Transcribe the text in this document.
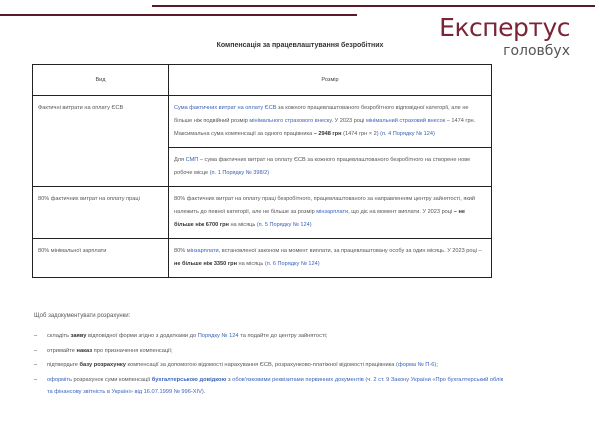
Експертус
головбух
Компенсація за працевлаштування безробітних
Вид	Розмір
Фактичні витрати на оплату ЄСВ	Сума фактичних витрат на оплату ЄСВ за кожного працевлаштованого безробітного відповідної категорії, але не більше ніж подвійний розмір мінімального страхового внеску. У 2023 році мінімальний страховий внесок – 1474 грн. Максимальна сума компенсації за одного працівника – 2948 грн (1474 грн × 2) (п. 4 Порядку № 124)
	Для СМП – сума фактичних витрат на оплату ЄСВ за кожного працевлаштованого безробітного на створене нове робоче місце (п. 1 Порядку № 398/2)
80% фактичних витрат на оплату праці	80% фактичних витрат на оплату праці безробітного, працевлаштованого за направленням центру зайнятості, який належить до певної категорії, але не більше за розмір мінзарплати, що діє на момент виплати. У 2023 році – не більше ніж 6700 грн на місяць (п. 5 Порядку № 124)
80% мінімальної зарплати	80% мінзарплати, встановленої законом на момент виплати, за працевлаштовану особу за один місяць. У 2023 році – не більше ніж 3350 грн на місяць (п. 6 Порядку № 124)
Щоб задокументувати розрахунки:
– складіть заяву відповідної форми згідно з додатками до Порядку № 124 та подайте до центру зайнятості;
– отримайте наказ про призначення компенсації;
– підтвердьте базу розрахунку компенсації за допомогою відомості нарахування ЄСВ, розрахунково-платіжної відомості працівника (форма № П-6);
– оформіть розрахунок суми компенсації бухгалтерською довідкою з обов'язковими реквізитами первинних документів (ч. 2 ст. 9 Закону України «Про бухгалтерський облік та фінансову звітність в Україні» від 16.07.1999 № 996-XIV).
